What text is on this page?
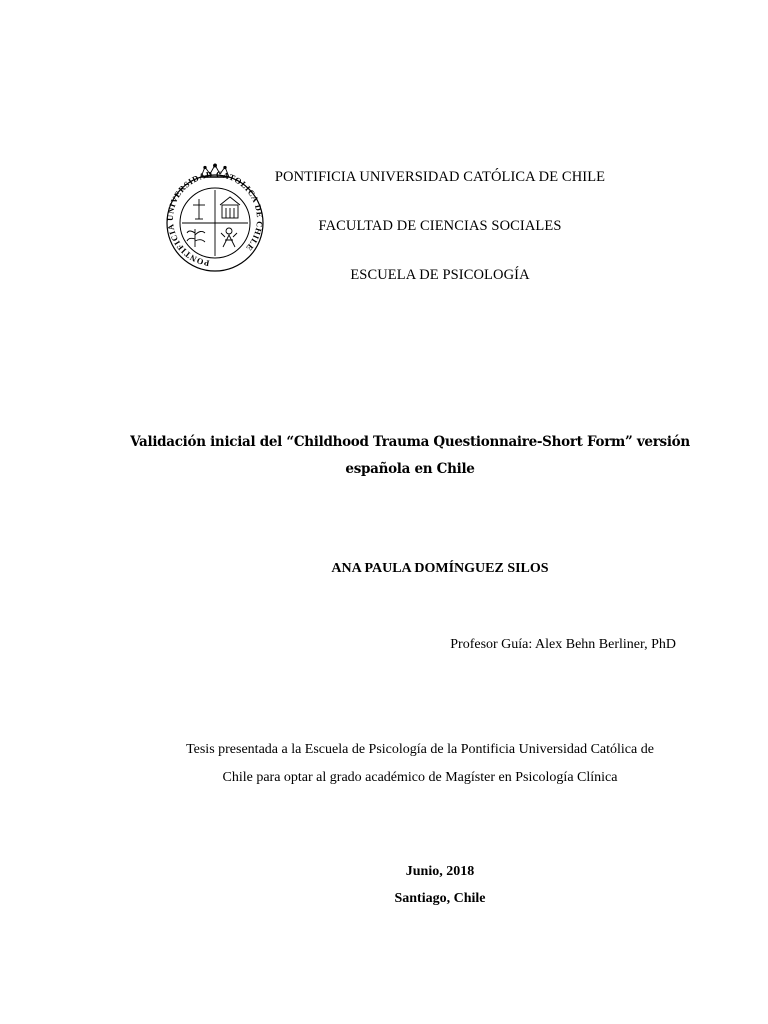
PONTIFICIA UNIVERSIDAD CATOLICA DE CHILE
PONTIFICIA UNIVERSIDAD CATÓLICA DE CHILE
FACULTAD DE CIENCIAS SOCIALES
ESCUELA DE PSICOLOGÍA
Validación inicial del “Childhood Trauma Questionnaire-Short Form” versión
española en Chile
ANA PAULA DOMÍNGUEZ SILOS
Profesor Guía: Alex Behn Berliner, PhD
Tesis presentada a la Escuela de Psicología de la Pontificia Universidad Católica de
Chile para optar al grado académico de Magíster en Psicología Clínica
Junio, 2018
Santiago, Chile
